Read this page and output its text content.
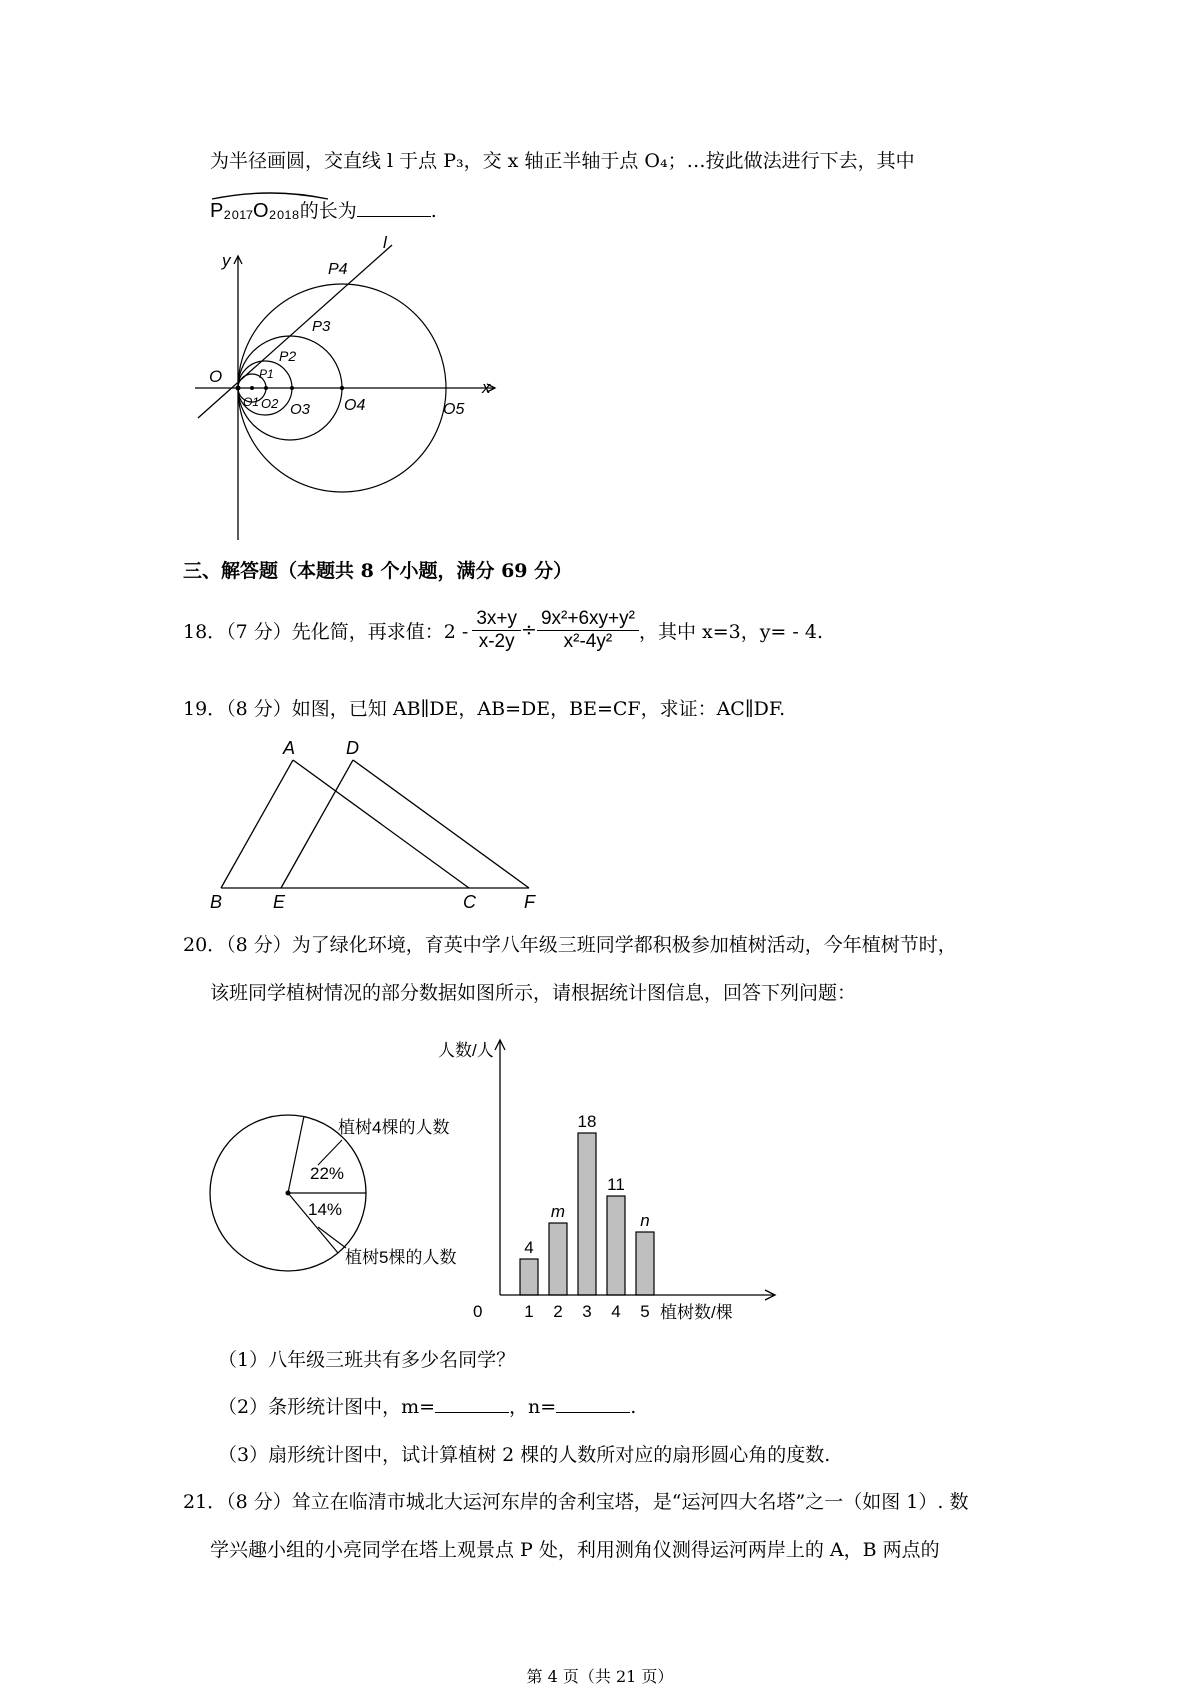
为半径画圆，交直线 l 于点 P₃，交 x 轴正半轴于点 O₄；…按此做法进行下去，其中
P₂₀₁₇O₂₀₁₈的长为	.
y
l
P4
P3
P2
P1
O
O1 O2 O3 O4	O5
x
三、解答题（本题共 8 个小题，满分 69 分）
18．（7 分）先化简，再求值：$2 - \frac{3x+y}{x-2y} \div \frac{\text{9x²+6xy+y²}}{\text{x²-4y²}}$ ，其中 x=3，y= - 4.
19．（8 分）如图，已知 AB∥DE，AB=DE，BE=CF，求证：AC∥DF.
A	D
B	E	C	F
20．（8 分）为了绿化环境，育英中学八年级三班同学都积极参加植树活动，今年植树节时，
该班同学植树情况的部分数据如图所示，请根据统计图信息，回答下列问题：
22%
14%
植树4棵的人数
植树5棵的人数
4
1
m
2
18
3
11
4
n
5
人数/人
植树数/棵
0
（1）八年级三班共有多少名同学？
（2）条形统计图中，m=	，n=	.
（3）扇形统计图中，试计算植树 2 棵的人数所对应的扇形圆心角的度数.
21．（8 分）耸立在临清市城北大运河东岸的舍利宝塔，是“运河四大名塔”之一（如图 1）. 数
学兴趣小组的小亮同学在塔上观景点 P 处，利用测角仪测得运河两岸上的 A，B 两点的
第 4 页（共 21 页）
